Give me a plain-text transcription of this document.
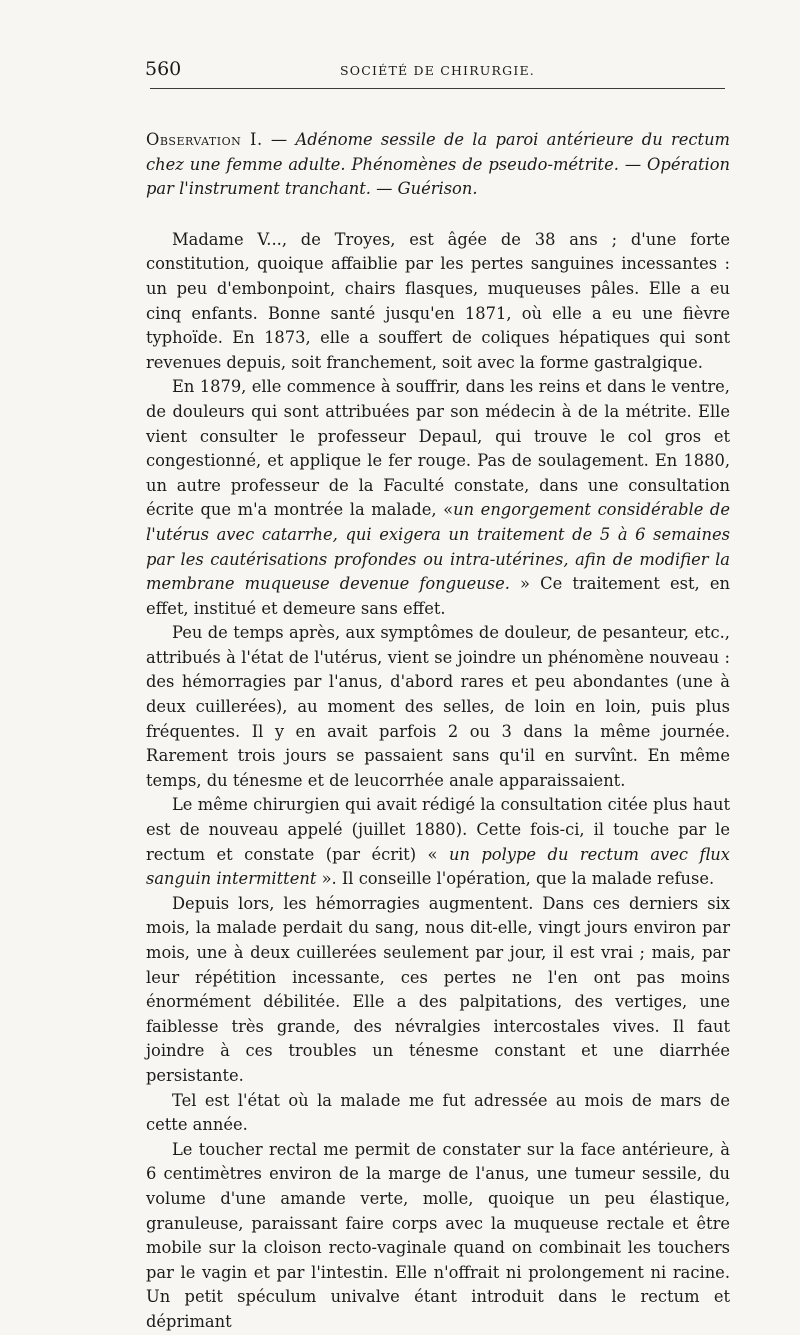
560	SOCIÉTÉ DE CHIRURGIE.

Observation I. — Adénome sessile de la paroi antérieure du rectum chez une femme adulte. Phénomènes de pseudo-métrite. — Opération par l'instrument tranchant. — Guérison.

Madame V..., de Troyes, est âgée de 38 ans ; d'une forte constitution, quoique affaiblie par les pertes sanguines incessantes : un peu d'embonpoint, chairs flasques, muqueuses pâles. Elle a eu cinq enfants. Bonne santé jusqu'en 1871, où elle a eu une fièvre typhoïde. En 1873, elle a souffert de coliques hépatiques qui sont revenues depuis, soit franchement, soit avec la forme gastralgique.

En 1879, elle commence à souffrir, dans les reins et dans le ventre, de douleurs qui sont attribuées par son médecin à de la métrite. Elle vient consulter le professeur Depaul, qui trouve le col gros et congestionné, et applique le fer rouge. Pas de soulagement. En 1880, un autre professeur de la Faculté constate, dans une consultation écrite que m'a montrée la malade, «un engorgement considérable de l'utérus avec catarrhe, qui exigera un traitement de 5 à 6 semaines par les cautérisations profondes ou intra-utérines, afin de modifier la membrane muqueuse devenue fongueuse. » Ce traitement est, en effet, institué et demeure sans effet.

Peu de temps après, aux symptômes de douleur, de pesanteur, etc., attribués à l'état de l'utérus, vient se joindre un phénomène nouveau : des hémorragies par l'anus, d'abord rares et peu abondantes (une à deux cuillerées), au moment des selles, de loin en loin, puis plus fréquentes. Il y en avait parfois 2 ou 3 dans la même journée. Rarement trois jours se passaient sans qu'il en survînt. En même temps, du ténesme et de leucorrhée anale apparaissaient.

Le même chirurgien qui avait rédigé la consultation citée plus haut est de nouveau appelé (juillet 1880). Cette fois-ci, il touche par le rectum et constate (par écrit) « un polype du rectum avec flux sanguin intermittent ». Il conseille l'opération, que la malade refuse.

Depuis lors, les hémorragies augmentent. Dans ces derniers six mois, la malade perdait du sang, nous dit-elle, vingt jours environ par mois, une à deux cuillerées seulement par jour, il est vrai ; mais, par leur répétition incessante, ces pertes ne l'en ont pas moins énormément débilitée. Elle a des palpitations, des vertiges, une faiblesse très grande, des névralgies intercostales vives. Il faut joindre à ces troubles un ténesme constant et une diarrhée persistante.

Tel est l'état où la malade me fut adressée au mois de mars de cette année.

Le toucher rectal me permit de constater sur la face antérieure, à 6 centimètres environ de la marge de l'anus, une tumeur sessile, du volume d'une amande verte, molle, quoique un peu élastique, granuleuse, paraissant faire corps avec la muqueuse rectale et être mobile sur la cloison recto-vaginale quand on combinait les touchers par le vagin et par l'intestin. Elle n'offrait ni prolongement ni racine. Un petit spéculum univalve étant introduit dans le rectum et déprimant
